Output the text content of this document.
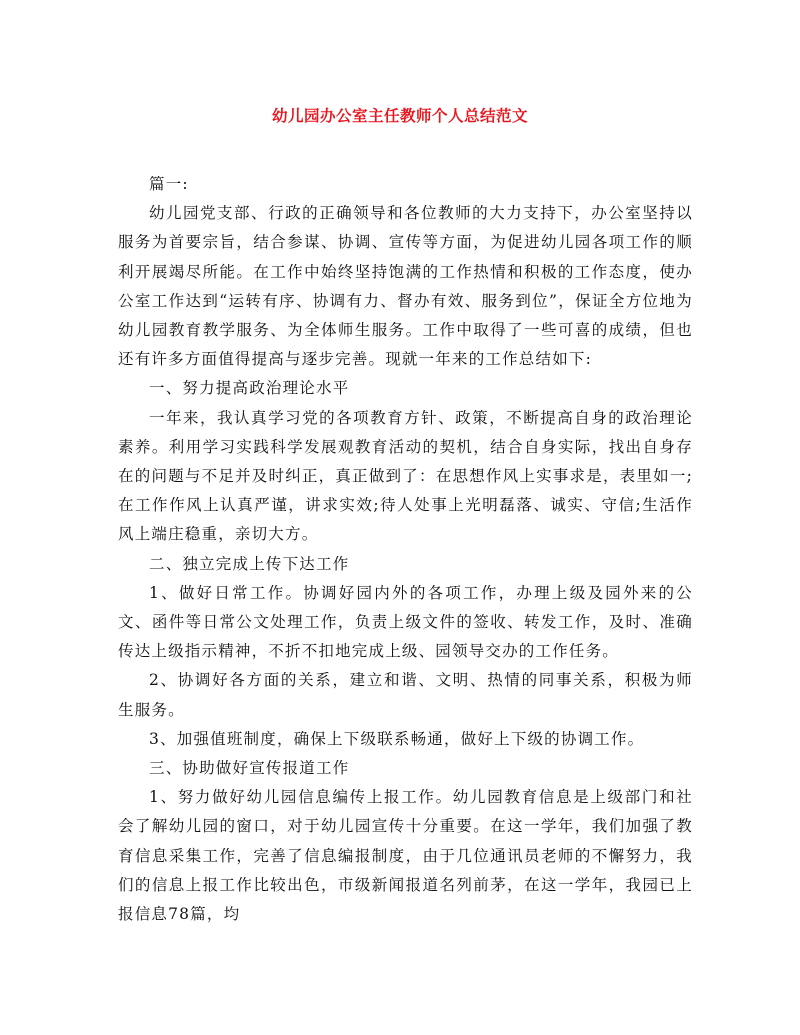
幼儿园办公室主任教师个人总结范文

篇一:

幼儿园党支部、行政的正确领导和各位教师的大力支持下，办公室坚持以服务为首要宗旨，结合参谋、协调、宣传等方面，为促进幼儿园各项工作的顺利开展竭尽所能。在工作中始终坚持饱满的工作热情和积极的工作态度，使办公室工作达到“运转有序、协调有力、督办有效、服务到位”，保证全方位地为幼儿园教育教学服务、为全体师生服务。工作中取得了一些可喜的成绩，但也还有许多方面值得提高与逐步完善。现就一年来的工作总结如下:

一、努力提高政治理论水平

一年来，我认真学习党的各项教育方针、政策，不断提高自身的政治理论素养。利用学习实践科学发展观教育活动的契机，结合自身实际，找出自身存在的问题与不足并及时纠正，真正做到了：在思想作风上实事求是，表里如一;在工作作风上认真严谨，讲求实效;待人处事上光明磊落、诚实、守信;生活作风上端庄稳重，亲切大方。

二、独立完成上传下达工作

1、做好日常工作。协调好园内外的各项工作，办理上级及园外来的公文、函件等日常公文处理工作，负责上级文件的签收、转发工作，及时、准确传达上级指示精神，不折不扣地完成上级、园领导交办的工作任务。

2、协调好各方面的关系，建立和谐、文明、热情的同事关系，积极为师生服务。

3、加强值班制度，确保上下级联系畅通，做好上下级的协调工作。

三、协助做好宣传报道工作

1、努力做好幼儿园信息编传上报工作。幼儿园教育信息是上级部门和社会了解幼儿园的窗口，对于幼儿园宣传十分重要。在这一学年，我们加强了教育信息采集工作，完善了信息编报制度，由于几位通讯员老师的不懈努力，我们的信息上报工作比较出色，市级新闻报道名列前茅，在这一学年，我园已上报信息78篇，均
